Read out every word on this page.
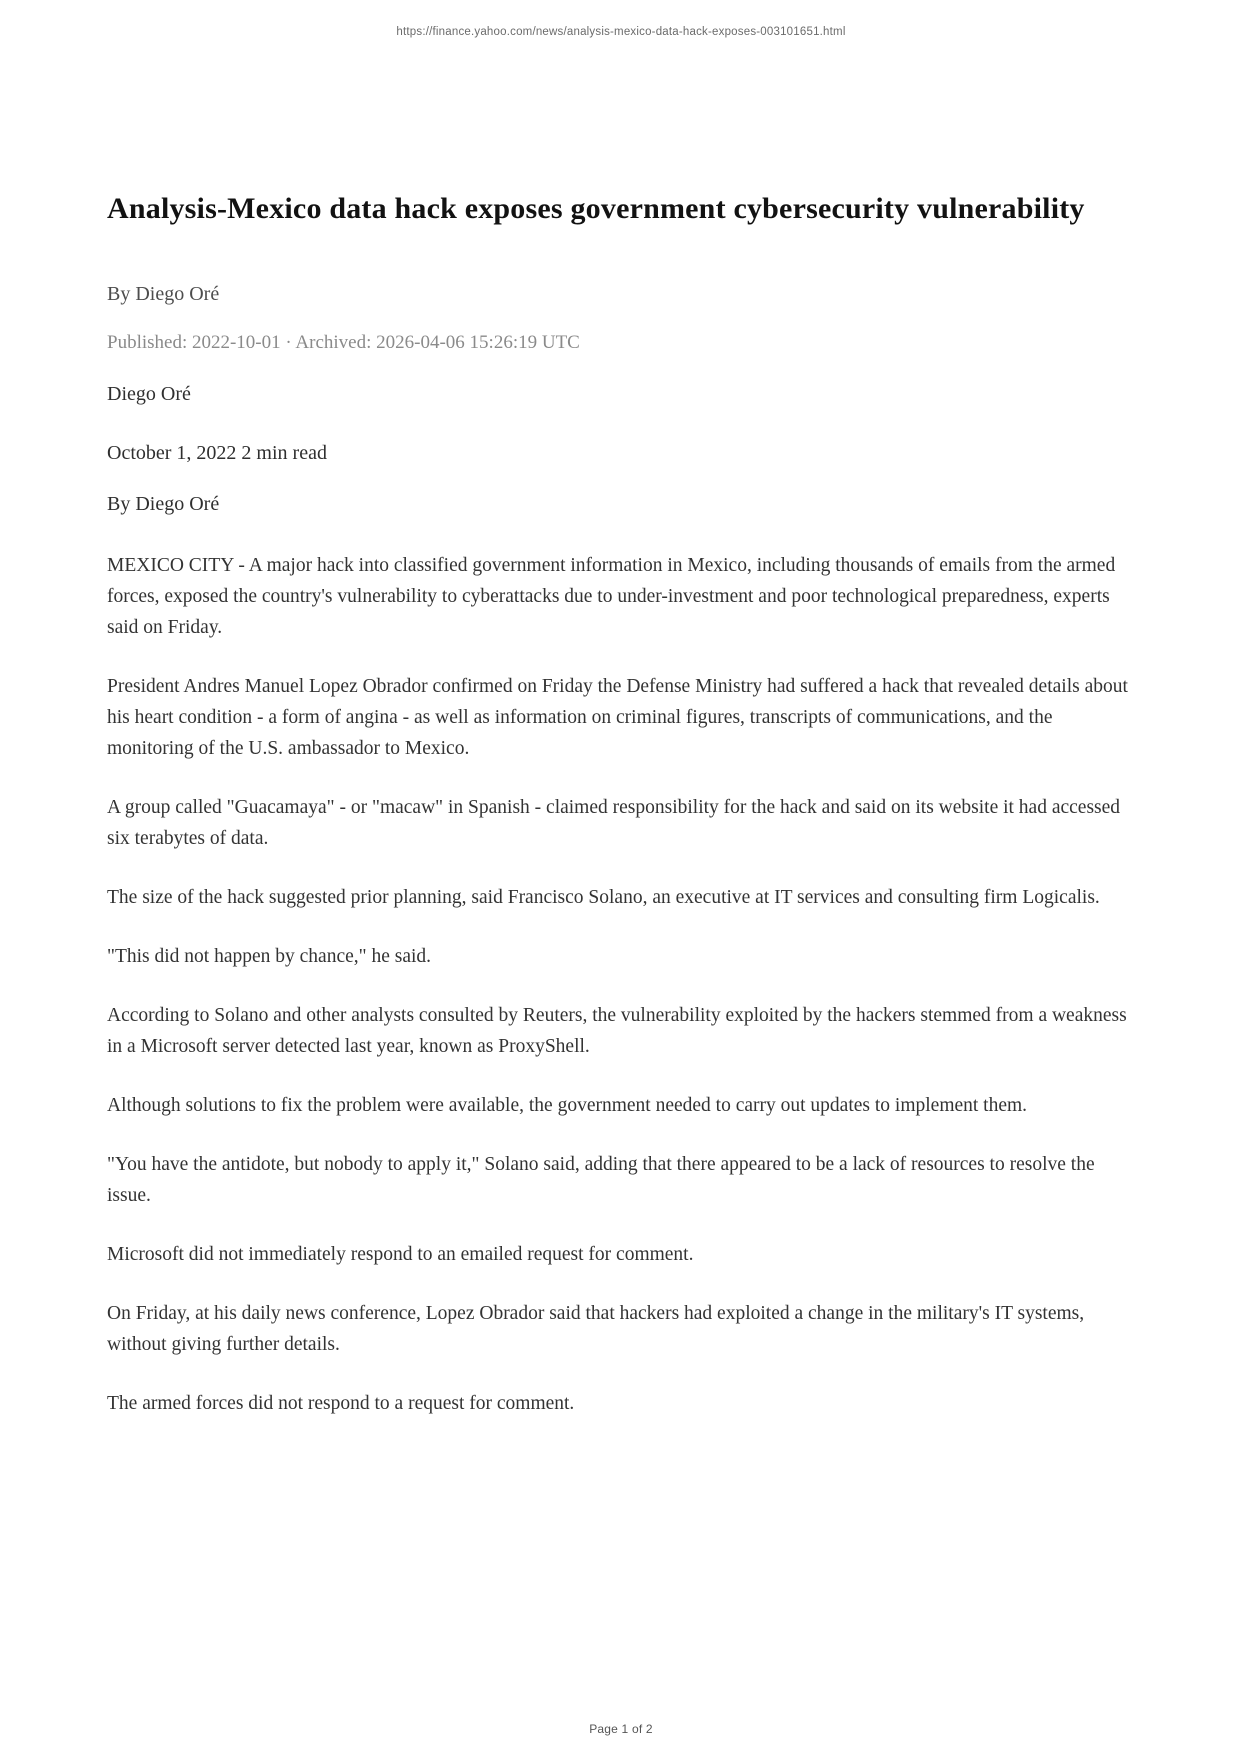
https://finance.yahoo.com/news/analysis-mexico-data-hack-exposes-003101651.html
Analysis-Mexico data hack exposes government cybersecurity vulnerability

By Diego Oré

Published: 2022-10-01 · Archived: 2026-04-06 15:26:19 UTC

Diego Oré

October 1, 2022 2 min read

By Diego Oré

MEXICO CITY - A major hack into classified government information in Mexico, including thousands of emails from the armed forces, exposed the country's vulnerability to cyberattacks due to under-investment and poor technological preparedness, experts said on Friday.

President Andres Manuel Lopez Obrador confirmed on Friday the Defense Ministry had suffered a hack that revealed details about his heart condition - a form of angina - as well as information on criminal figures, transcripts of communications, and the monitoring of the U.S. ambassador to Mexico.

A group called "Guacamaya" - or "macaw" in Spanish - claimed responsibility for the hack and said on its website it had accessed six terabytes of data.

The size of the hack suggested prior planning, said Francisco Solano, an executive at IT services and consulting firm Logicalis.

"This did not happen by chance," he said.

According to Solano and other analysts consulted by Reuters, the vulnerability exploited by the hackers stemmed from a weakness in a Microsoft server detected last year, known as ProxyShell.

Although solutions to fix the problem were available, the government needed to carry out updates to implement them.

"You have the antidote, but nobody to apply it," Solano said, adding that there appeared to be a lack of resources to resolve the issue.

Microsoft did not immediately respond to an emailed request for comment.

On Friday, at his daily news conference, Lopez Obrador said that hackers had exploited a change in the military's IT systems, without giving further details.

The armed forces did not respond to a request for comment.

Page 1 of 2
